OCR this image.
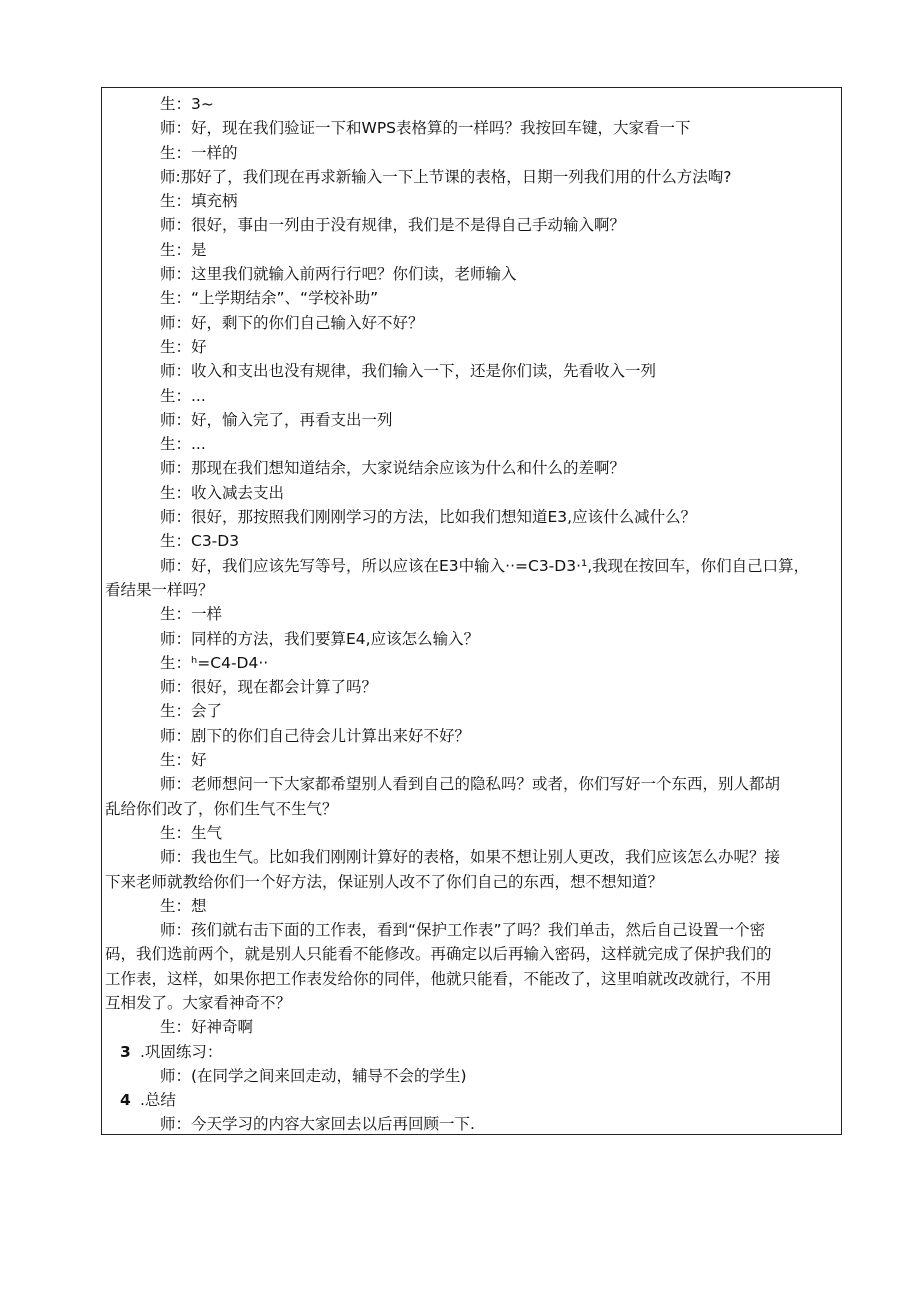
生：3~
师：好，现在我们验证一下和WPS表格算的一样吗？我按回车键，大家看一下
生：一样的
师:那好了，我们现在再求新输入一下上节课的表格，日期一列我们用的什么方法啕?
生：填充柄
师：很好，事由一列由于没有规律，我们是不是得自己手动输入啊？
生：是
师：这里我们就输入前两行行吧？你们读，老师输入
生：“上学期结余”、“学校补助”
师：好，剩下的你们自己输入好不好？
生：好
师：收入和支出也没有规律，我们输入一下，还是你们读，先看收入一列
生：...
师：好，愉入完了，再看支出一列
生：...
师：那现在我们想知道结余，大家说结余应该为什么和什么的差啊？
生：收入减去支出
师：很好，那按照我们刚刚学习的方法，比如我们想知道E3,应该什么减什么？
生：C3-D3
师：好，我们应该先写等号，所以应该在E3中输入··=C3-D3·¹,我现在按回车，你们自己口算，
看结果一样吗？
生：一样
师：同样的方法，我们要算E4,应该怎么输入？
生：ʰ=C4-D4··
师：很好，现在都会计算了吗？
生：会了
师：剧下的你们自己待会儿计算出来好不好？
生：好
师：老师想问一下大家都希望别人看到自己的隐私吗？或者，你们写好一个东西，别人都胡
乱给你们改了，你们生气不生气？
生：生气
师：我也生气。比如我们刚刚计算好的表格，如果不想让别人更改，我们应该怎么办呢？接
下来老师就教给你们一个好方法，保证别人改不了你们自己的东西，想不想知道？
生：想
师：孩们就右击下面的工作表，看到“保护工作表”了吗？我们单击，然后自己设置一个密
码，我们选前两个，就是别人只能看不能修改。再确定以后再输入密码，这样就完成了保护我们的
工作表，这样，如果你把工作表发给你的同伴，他就只能看，不能改了，这里咱就改改就行，不用
互相发了。大家看神奇不？
生：好神奇啊
3 .巩固练习：
师：(在同学之间来回走动，辅导不会的学生)
4 .总结
师：今天学习的内容大家回去以后再回顾一下.
